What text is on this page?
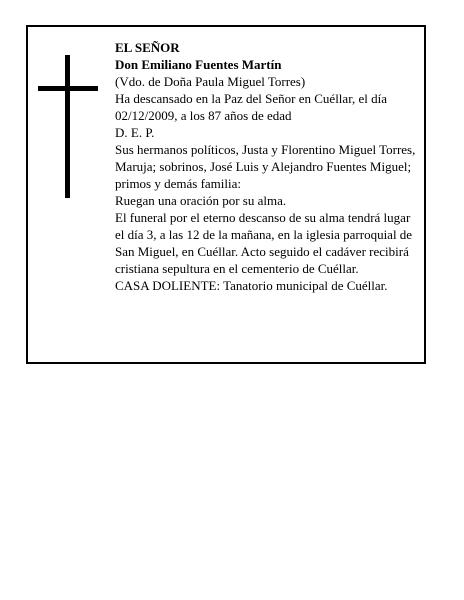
EL SEÑOR

Don Emiliano Fuentes Martín

(Vdo. de Doña Paula Miguel Torres)

Ha descansado en la Paz del Señor en Cuéllar, el día 02/12/2009, a los 87 años de edad

D. E. P.

Sus hermanos políticos, Justa y Florentino Miguel Torres, Maruja; sobrinos, José Luis y Alejandro Fuentes Miguel; primos y demás familia:

Ruegan una oración por su alma.

El funeral por el eterno descanso de su alma tendrá lugar el día 3, a las 12 de la mañana, en la iglesia parroquial de San Miguel, en Cuéllar. Acto seguido el cadáver recibirá cristiana sepultura en el cementerio de Cuéllar.

CASA DOLIENTE: Tanatorio municipal de Cuéllar.
